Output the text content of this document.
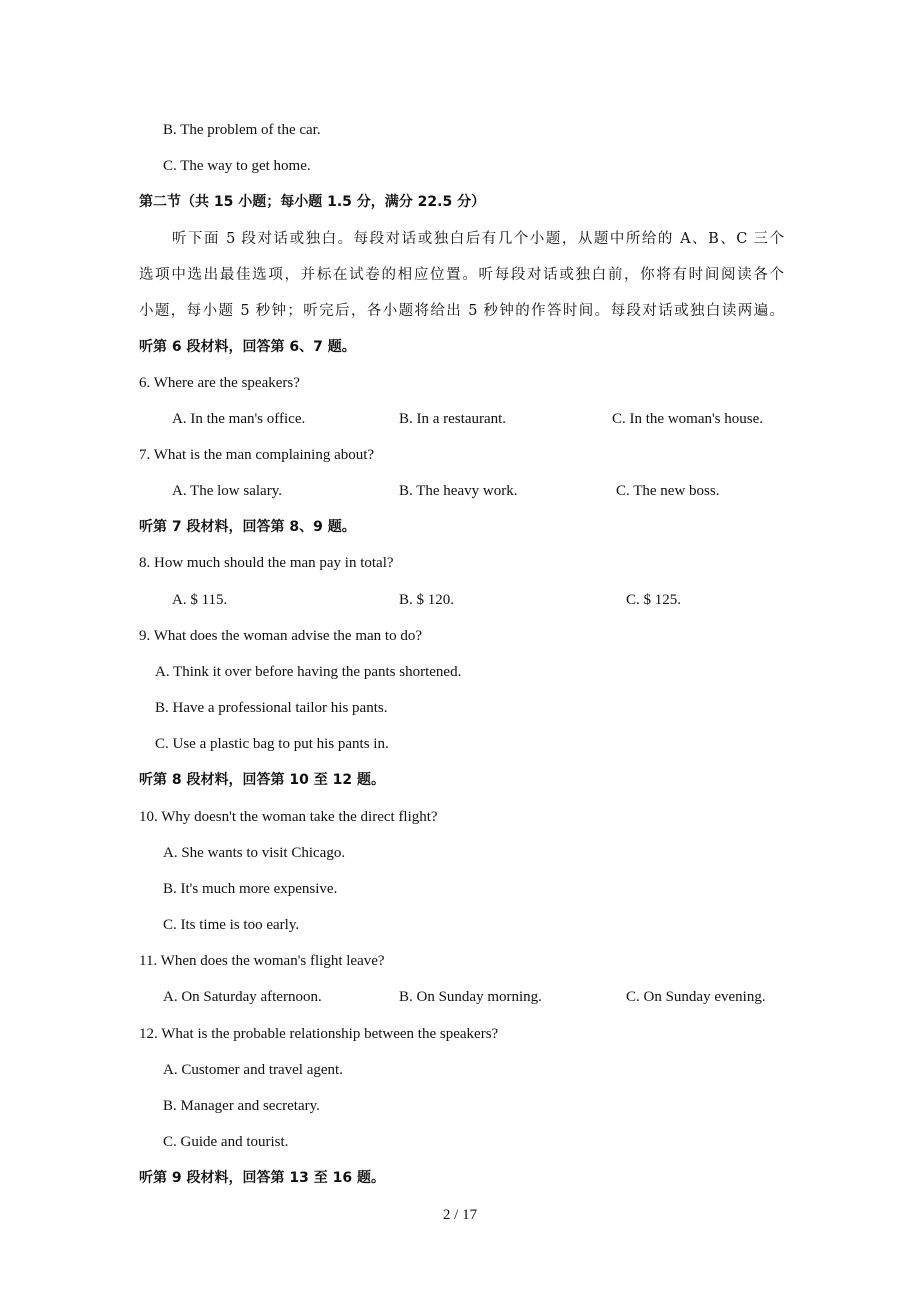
B. The problem of the car.
C. The way to get home.
第二节（共 15 小题；每小题 1.5 分，满分 22.5 分）
听下面 5 段对话或独白。每段对话或独白后有几个小题，从题中所给的 A、B、C 三个
选项中选出最佳选项，并标在试卷的相应位置。听每段对话或独白前，你将有时间阅读各个
小题，每小题 5 秒钟；听完后，各小题将给出 5 秒钟的作答时间。每段对话或独白读两遍。
听第 6 段材料，回答第 6、7 题。
6. Where are the speakers?
A. In the man's office.	B. In a restaurant.	C. In the woman's house.
7. What is the man complaining about?
A. The low salary.	B. The heavy work.	C. The new boss.
听第 7 段材料，回答第 8、9 题。
8. How much should the man pay in total?
A. $ 115.	B. $ 120.	C. $ 125.
9. What does the woman advise the man to do?
A. Think it over before having the pants shortened.
B. Have a professional tailor his pants.
C. Use a plastic bag to put his pants in.
听第 8 段材料，回答第 10 至 12 题。
10. Why doesn't the woman take the direct flight?
A. She wants to visit Chicago.
B. It's much more expensive.
C. Its time is too early.
11. When does the woman's flight leave?
A. On Saturday afternoon.	B. On Sunday morning.	C. On Sunday evening.
12. What is the probable relationship between the speakers?
A. Customer and travel agent.
B. Manager and secretary.
C. Guide and tourist.
听第 9 段材料，回答第 13 至 16 题。
2 / 17
